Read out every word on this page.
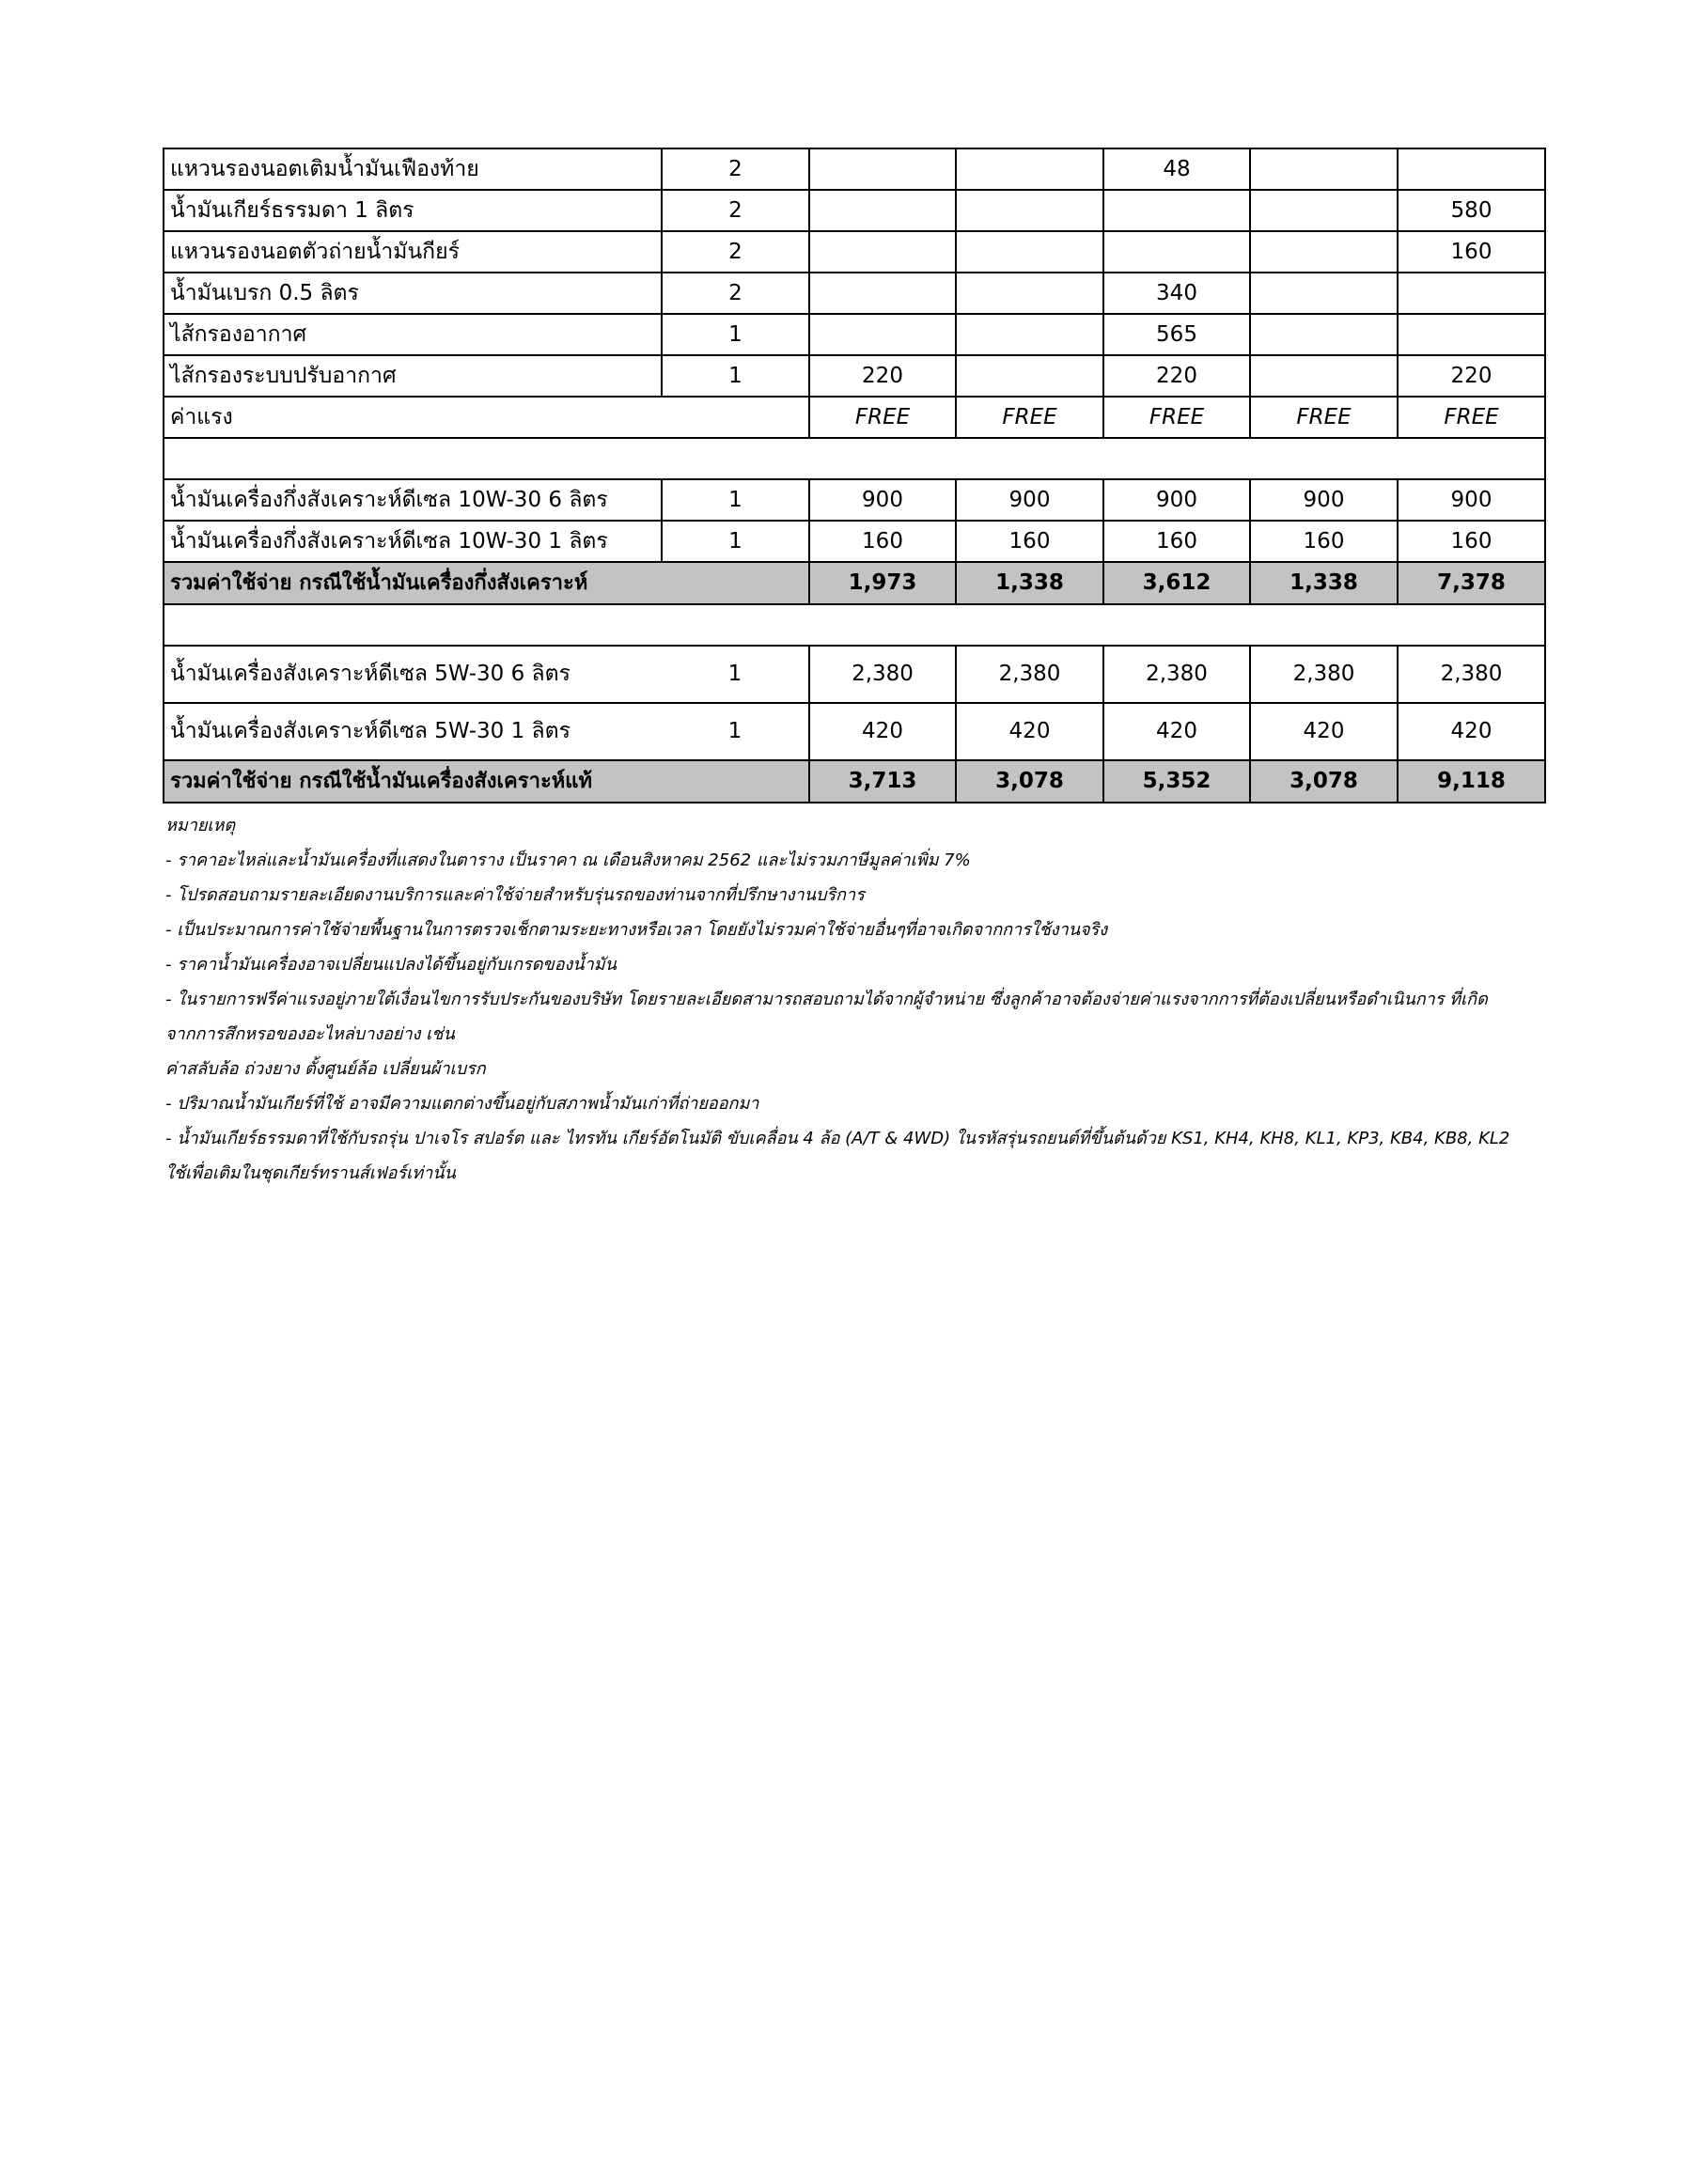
แหวนรองนอตเติมน้ำมันเฟืองท้าย	2			48		
น้ำมันเกียร์ธรรมดา 1 ลิตร	2					580
แหวนรองนอตตัวถ่ายน้ำมันกียร์	2					160
น้ำมันเบรก 0.5 ลิตร	2			340		
ไส้กรองอากาศ	1			565		
ไส้กรองระบบปรับอากาศ	1	220		220		220
ค่าแรง		FREE	FREE	FREE	FREE	FREE

น้ำมันเครื่องกึ่งสังเคราะห์ดีเซล 10W-30 6 ลิตร	1	900	900	900	900	900
น้ำมันเครื่องกึ่งสังเคราะห์ดีเซล 10W-30 1 ลิตร	1	160	160	160	160	160
รวมค่าใช้จ่าย กรณีใช้น้ำมันเครื่องกึ่งสังเคราะห์		1,973	1,338	3,612	1,338	7,378

น้ำมันเครื่องสังเคราะห์ดีเซล 5W-30 6 ลิตร	1	2,380	2,380	2,380	2,380	2,380
น้ำมันเครื่องสังเคราะห์ดีเซล 5W-30 1 ลิตร	1	420	420	420	420	420
รวมค่าใช้จ่าย กรณีใช้น้ำมันเครื่องสังเคราะห์แท้		3,713	3,078	5,352	3,078	9,118
หมายเหตุ
- ราคาอะไหล่และน้ำมันเครื่องที่แสดงในตาราง เป็นราคา ณ เดือนสิงหาคม 2562 และไม่รวมภาษีมูลค่าเพิ่ม 7%
- โปรดสอบถามรายละเอียดงานบริการและค่าใช้จ่ายสำหรับรุ่นรถของท่านจากที่ปรึกษางานบริการ
- เป็นประมาณการค่าใช้จ่ายพื้นฐานในการตรวจเช็กตามระยะทางหรือเวลา โดยยังไม่รวมค่าใช้จ่ายอื่นๆที่อาจเกิดจากการใช้งานจริง
- ราคาน้ำมันเครื่องอาจเปลี่ยนแปลงได้ขึ้นอยู่กับเกรดของน้ำมัน
- ในรายการฟรีค่าแรงอยู่ภายใต้เงื่อนไขการรับประกันของบริษัท โดยรายละเอียดสามารถสอบถามได้จากผู้จำหน่าย ซึ่งลูกค้าอาจต้องจ่ายค่าแรงจากการที่ต้องเปลี่ยนหรือดำเนินการ ที่เกิด
จากการสึกหรอของอะไหล่บางอย่าง เช่น
ค่าสลับล้อ ถ่วงยาง ตั้งศูนย์ล้อ เปลี่ยนผ้าเบรก
- ปริมาณน้ำมันเกียร์ที่ใช้ อาจมีความแตกต่างขึ้นอยู่กับสภาพน้ำมันเก่าที่ถ่ายออกมา
- น้ำมันเกียร์ธรรมดาที่ใช้กับรถรุ่น ปาเจโร สปอร์ต และ ไทรทัน เกียร์อัตโนมัติ ขับเคลื่อน 4 ล้อ (A/T & 4WD) ในรหัสรุ่นรถยนต์ที่ขึ้นต้นด้วย KS1, KH4, KH8, KL1, KP3, KB4, KB8, KL2
ใช้เพื่อเติมในชุดเกียร์ทรานส์เฟอร์เท่านั้น
